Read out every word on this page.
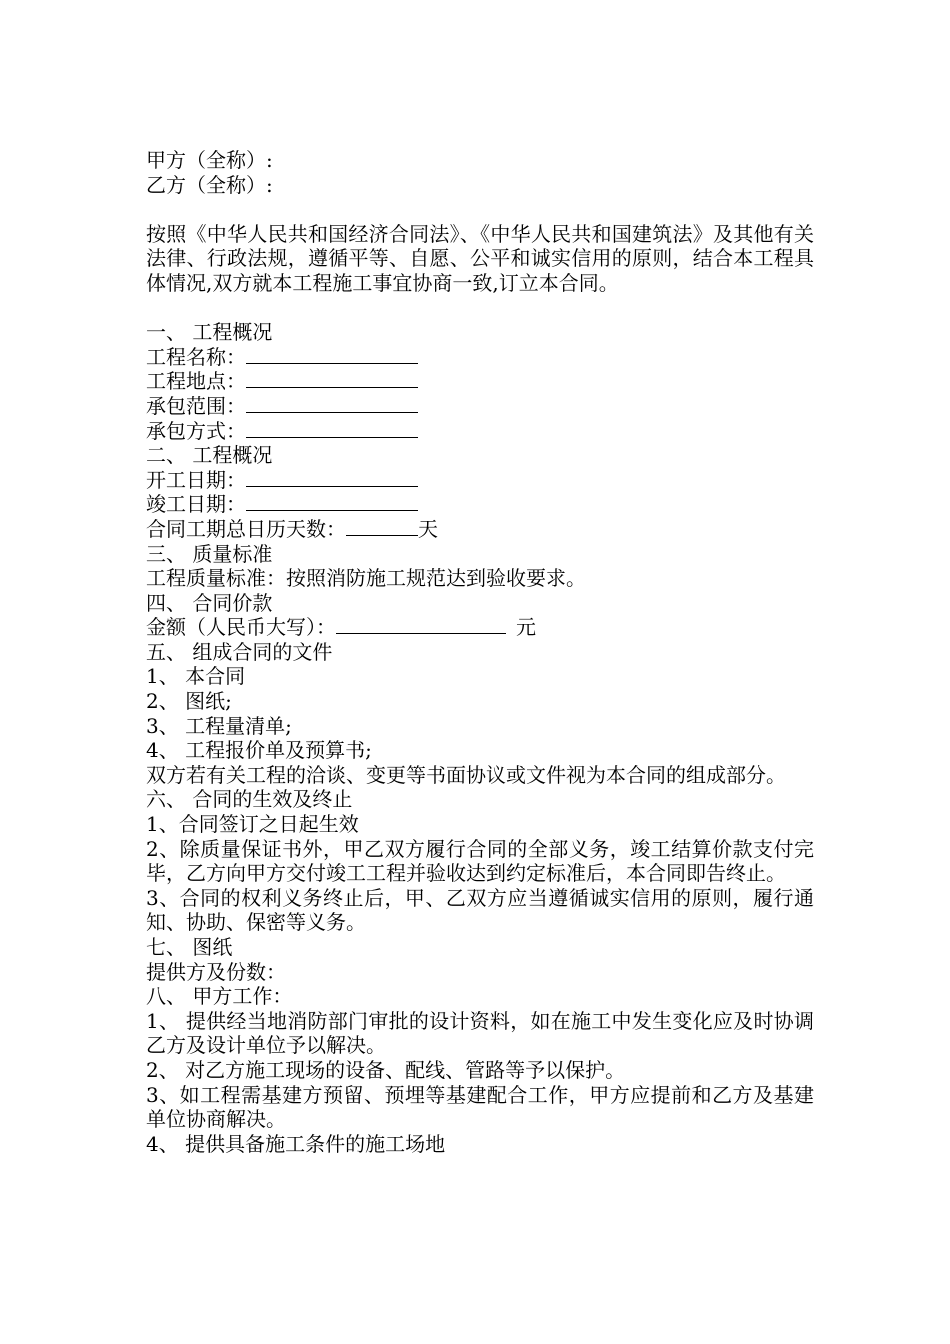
甲方（全称）:
乙方（全称）:
按照《中华人民共和国经济合同法》、《中华人民共和国建筑法》及其他有关法律、行政法规，遵循平等、自愿、公平和诚实信用的原则，结合本工程具体情况,双方就本工程施工事宜协商一致,订立本合同。
一、 工程概况
工程名称：
工程地点：
承包范围：
承包方式：
二、 工程概况
开工日期：
竣工日期：
合同工期总日历天数：	天
三、 质量标准
工程质量标准：按照消防施工规范达到验收要求。
四、 合同价款
金额（人民币大写）：	元
五、 组成合同的文件
1、 本合同
2、 图纸;
3、 工程量清单;
4、 工程报价单及预算书;
双方若有关工程的洽谈、变更等书面协议或文件视为本合同的组成部分。
六、 合同的生效及终止
1、合同签订之日起生效
2、除质量保证书外，甲乙双方履行合同的全部义务，竣工结算价款支付完毕，乙方向甲方交付竣工工程并验收达到约定标准后，本合同即告终止。
3、合同的权利义务终止后，甲、乙双方应当遵循诚实信用的原则，履行通知、协助、保密等义务。
七、 图纸
提供方及份数：
八、 甲方工作：
1、 提供经当地消防部门审批的设计资料，如在施工中发生变化应及时协调乙方及设计单位予以解决。
2、 对乙方施工现场的设备、配线、管路等予以保护。
3、如工程需基建方预留、预埋等基建配合工作，甲方应提前和乙方及基建单位协商解决。
4、 提供具备施工条件的施工场地
